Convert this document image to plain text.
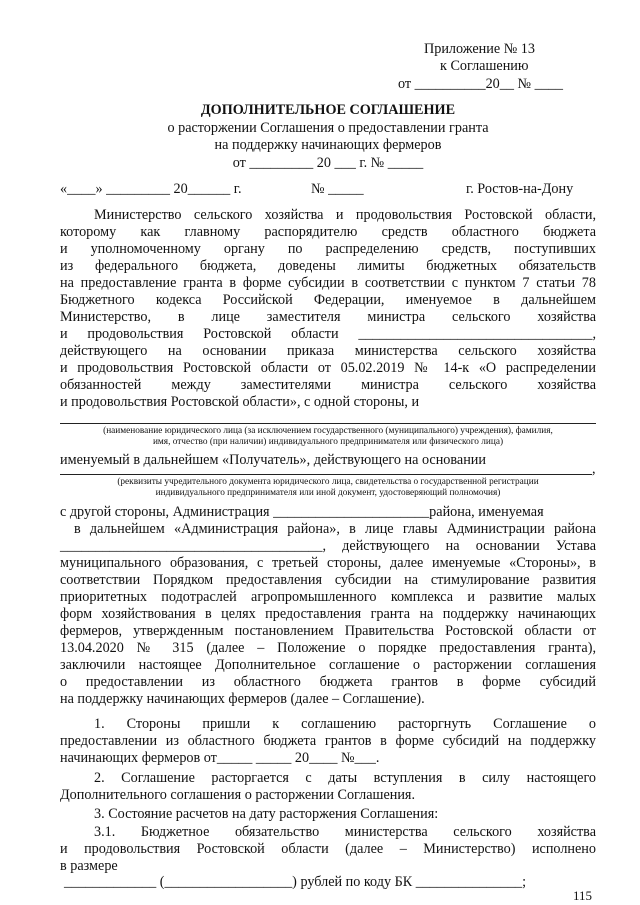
Приложение № 13
к Соглашению
от __________20__ № ____
ДОПОЛНИТЕЛЬНОЕ СОГЛАШЕНИЕ
о расторжении Соглашения о предоставлении гранта
на поддержку начинающих фермеров
от _________ 20 ___ г. № _____
«____» _________ 20______ г.	№ _____	г. Ростов-на-Дону
Министерство сельского хозяйства и продовольствия Ростовской области,
которому как главному распорядителю средств областного бюджета
и уполномоченному органу по распределению средств, поступивших
из федерального бюджета, доведены лимиты бюджетных обязательств
на предоставление гранта в форме субсидии в соответствии с пунктом 7 статьи 78
Бюджетного кодекса Российской Федерации, именуемое в дальнейшем
Министерство, в лице заместителя министра сельского хозяйства
и продовольствия Ростовской области _________________________________,
действующего на основании приказа министерства сельского хозяйства
и продовольствия Ростовской области от 05.02.2019 № 14-к «О распределении
обязанностей между заместителями министра сельского хозяйства
и продовольствия Ростовской области», с одной стороны, и
(наименование юридического лица (за исключением государственного (муниципального) учреждения), фамилия,
имя, отчество (при наличии) индивидуального предпринимателя или физического лица)
именуемый в дальнейшем «Получатель», действующего на основании
,
(реквизиты учредительного документа юридического лица, свидетельства о государственной регистрации
индивидуального предпринимателя или иной документ, удостоверяющий полномочия)
с другой стороны, Администрация ______________________района, именуемая
в дальнейшем «Администрация района», в лице главы Администрации района
_____________________________________, действующего на основании Устава
муниципального образования, с третьей стороны, далее именуемые «Стороны», в
соответствии Порядком предоставления субсидии на стимулирование развития
приоритетных подотраслей агропромышленного комплекса и развитие малых
форм хозяйствования в целях предоставления гранта на поддержку начинающих
фермеров, утвержденным постановлением Правительства Ростовской области от
13.04.2020 № 315 (далее – Положение о порядке предоставления гранта),
заключили настоящее Дополнительное соглашение о расторжении соглашения
о предоставлении из областного бюджета грантов в форме субсидий
на поддержку начинающих фермеров (далее – Соглашение).
1. Стороны пришли к соглашению расторгнуть Соглашение о
предоставлении из областного бюджета грантов в форме субсидий на поддержку
начинающих фермеров от_____ _____ 20____ №___.
2. Соглашение расторгается с даты вступления в силу настоящего
Дополнительного соглашения о расторжении Соглашения.
3. Состояние расчетов на дату расторжения Соглашения:
3.1. Бюджетное обязательство министерства сельского хозяйства
и продовольствия Ростовской области (далее – Министерство) исполнено
в размере
_____________ (__________________) рублей по коду БК _______________;
115
